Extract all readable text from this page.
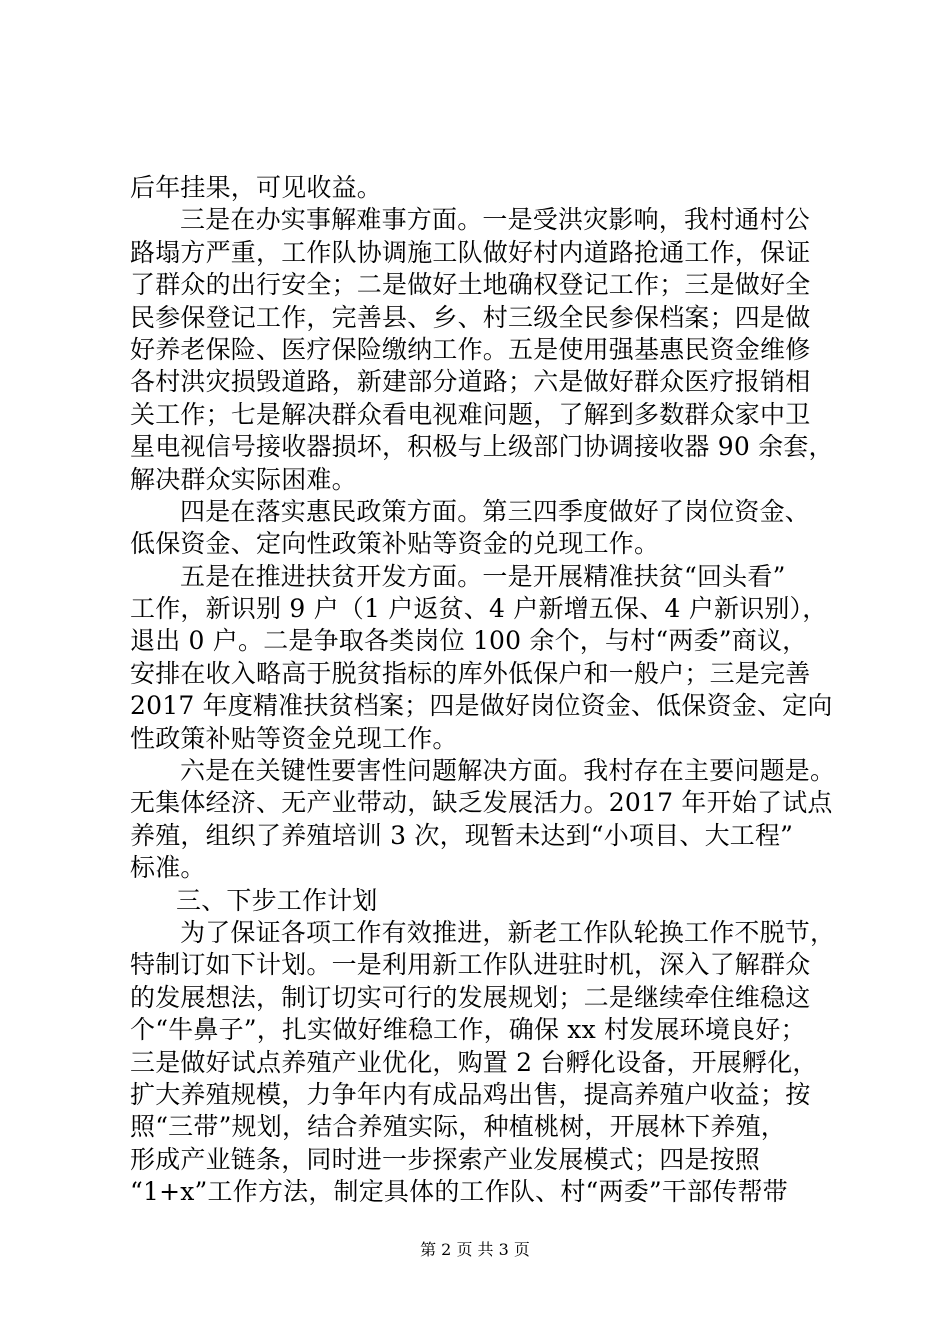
后年挂果，可见收益。
三是在办实事解难事方面。一是受洪灾影响，我村通村公
路塌方严重，工作队协调施工队做好村内道路抢通工作，保证
了群众的出行安全；二是做好土地确权登记工作；三是做好全
民参保登记工作，完善县、乡、村三级全民参保档案；四是做
好养老保险、医疗保险缴纳工作。五是使用强基惠民资金维修
各村洪灾损毁道路，新建部分道路；六是做好群众医疗报销相
关工作；七是解决群众看电视难问题，了解到多数群众家中卫
星电视信号接收器损坏，积极与上级部门协调接收器 90 余套，
解决群众实际困难。
四是在落实惠民政策方面。第三四季度做好了岗位资金、
低保资金、定向性政策补贴等资金的兑现工作。
五是在推进扶贫开发方面。一是开展精准扶贫“回头看”
工作，新识别 9 户（1 户返贫、4 户新增五保、4 户新识别），
退出 0 户。二是争取各类岗位 100 余个，与村“两委”商议，
安排在收入略高于脱贫指标的库外低保户和一般户；三是完善
2017 年度精准扶贫档案；四是做好岗位资金、低保资金、定向
性政策补贴等资金兑现工作。
六是在关键性要害性问题解决方面。我村存在主要问题是。
无集体经济、无产业带动，缺乏发展活力。2017 年开始了试点
养殖，组织了养殖培训 3 次，现暂未达到“小项目、大工程”
标准。
三、下步工作计划
为了保证各项工作有效推进，新老工作队轮换工作不脱节，
特制订如下计划。一是利用新工作队进驻时机，深入了解群众
的发展想法，制订切实可行的发展规划；二是继续牵住维稳这
个“牛鼻子”，扎实做好维稳工作，确保 xx 村发展环境良好；
三是做好试点养殖产业优化，购置 2 台孵化设备，开展孵化，
扩大养殖规模，力争年内有成品鸡出售，提高养殖户收益；按
照“三带”规划，结合养殖实际，种植桃树，开展林下养殖，
形成产业链条，同时进一步探索产业发展模式；四是按照
“1+x”工作方法，制定具体的工作队、村“两委”干部传帮带
第 2 页 共 3 页
